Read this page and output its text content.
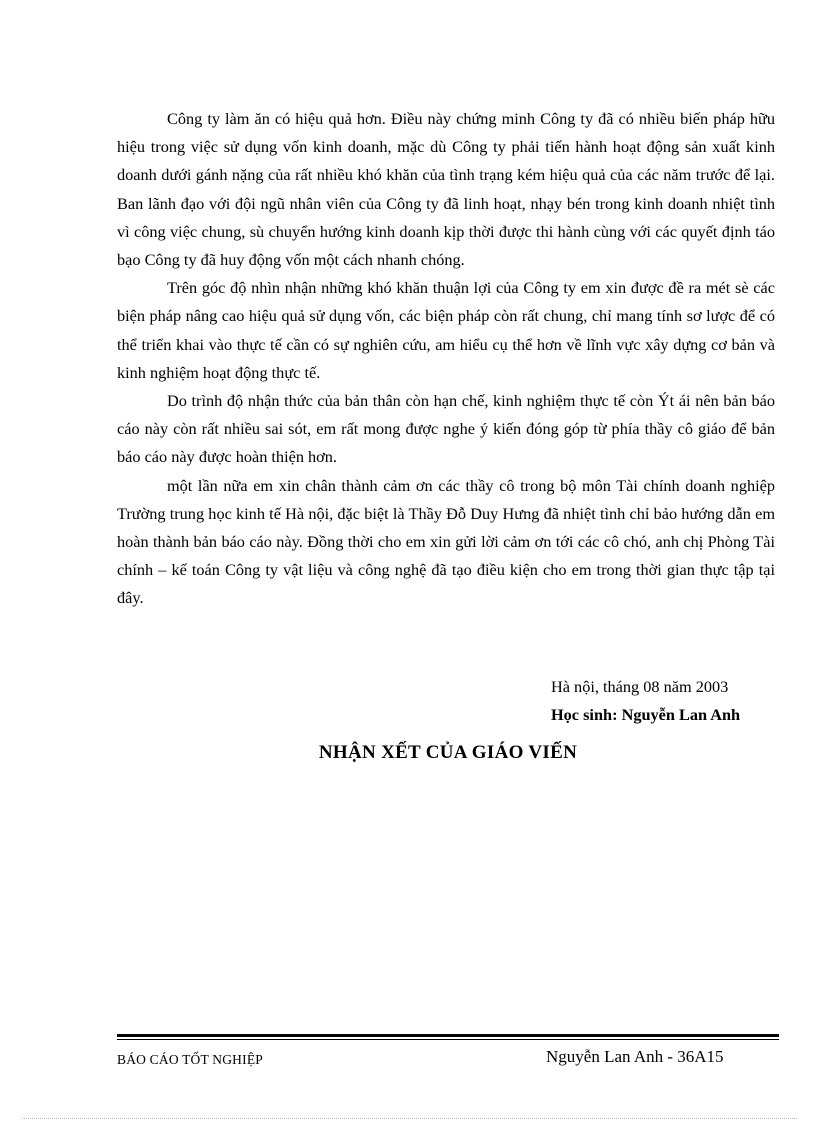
Công ty làm ăn có hiệu quả hơn. Điều này chứng minh Công ty đã có nhiều biến pháp hữu hiệu trong việc sử dụng vốn kinh doanh, mặc dù Công ty phải tiến hành hoạt động sản xuất kinh doanh dưới gánh nặng của rất nhiều khó khăn của tình trạng kém hiệu quả của các năm trước để lại. Ban lãnh đạo với đội ngũ nhân viên của Công ty đã linh hoạt, nhạy bén trong kinh doanh nhiệt tình vì công việc chung, sù chuyển hướng kinh doanh kịp thời được thi hành cùng với các quyết định táo bạo Công ty đã huy động vốn một cách nhanh chóng.

Trên góc độ nhìn nhận những khó khăn thuận lợi của Công ty em xin được đề ra mét sè các biện pháp nâng cao hiệu quả sử dụng vốn, các biện pháp còn rất chung, chỉ mang tính sơ lược để có thể triển khai vào thực tế cần có sự nghiên cứu, am hiểu cụ thể hơn về lĩnh vực xây dựng cơ bản và kinh nghiệm hoạt động thực tế.

Do trình độ nhận thức của bản thân còn hạn chế, kinh nghiệm thực tế còn Ýt ái nên bản báo cáo này còn rất nhiều sai sót, em rất mong được nghe ý kiến đóng góp từ phía thầy cô giáo để bản báo cáo này được hoàn thiện hơn.

một lần nữa em xin chân thành cảm ơn các thầy cô trong bộ môn Tài chính doanh nghiệp Trường trung học kinh tế Hà nội, đặc biệt là Thầy Đỗ Duy Hưng đã nhiệt tình chỉ bảo hướng dẫn em hoàn thành bản báo cáo này. Đồng thời cho em xin gửi lời cảm ơn tới các cô chó, anh chị Phòng Tài chính – kế toán Công ty vật liệu và công nghệ đã tạo điều kiện cho em trong thời gian thực tập tại đây.

Hà nội, tháng 08 năm 2003
Học sinh: Nguyễn Lan Anh
NHẬN XẾT CỦA GIÁO VIẾN
BÁO CÁO TỐT NGHIỆP	Nguyễn Lan Anh - 36A15
